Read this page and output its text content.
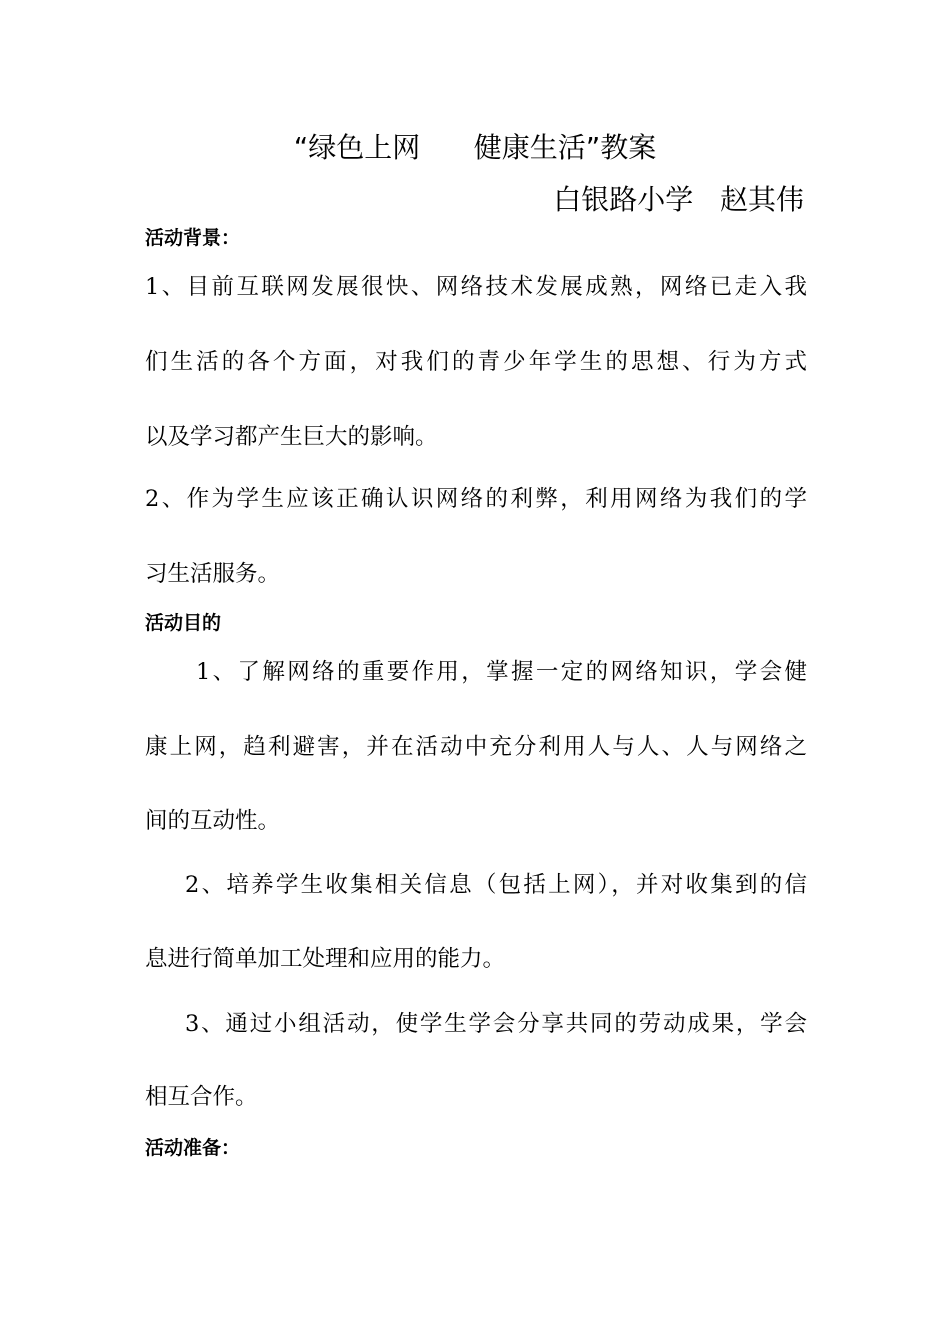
“绿色上网      健康生活”教案
白银路小学   赵其伟
活动背景：
1、目前互联网发展很快、网络技术发展成熟，网络已走入我
们生活的各个方面，对我们的青少年学生的思想、行为方式
以及学习都产生巨大的影响。
2、作为学生应该正确认识网络的利弊，利用网络为我们的学
习生活服务。
活动目的
1、了解网络的重要作用，掌握一定的网络知识，学会健
康上网，趋利避害，并在活动中充分利用人与人、人与网络之
间的互动性。
2、培养学生收集相关信息（包括上网），并对收集到的信
息进行简单加工处理和应用的能力。
3、通过小组活动，使学生学会分享共同的劳动成果，学会
相互合作。
活动准备：
